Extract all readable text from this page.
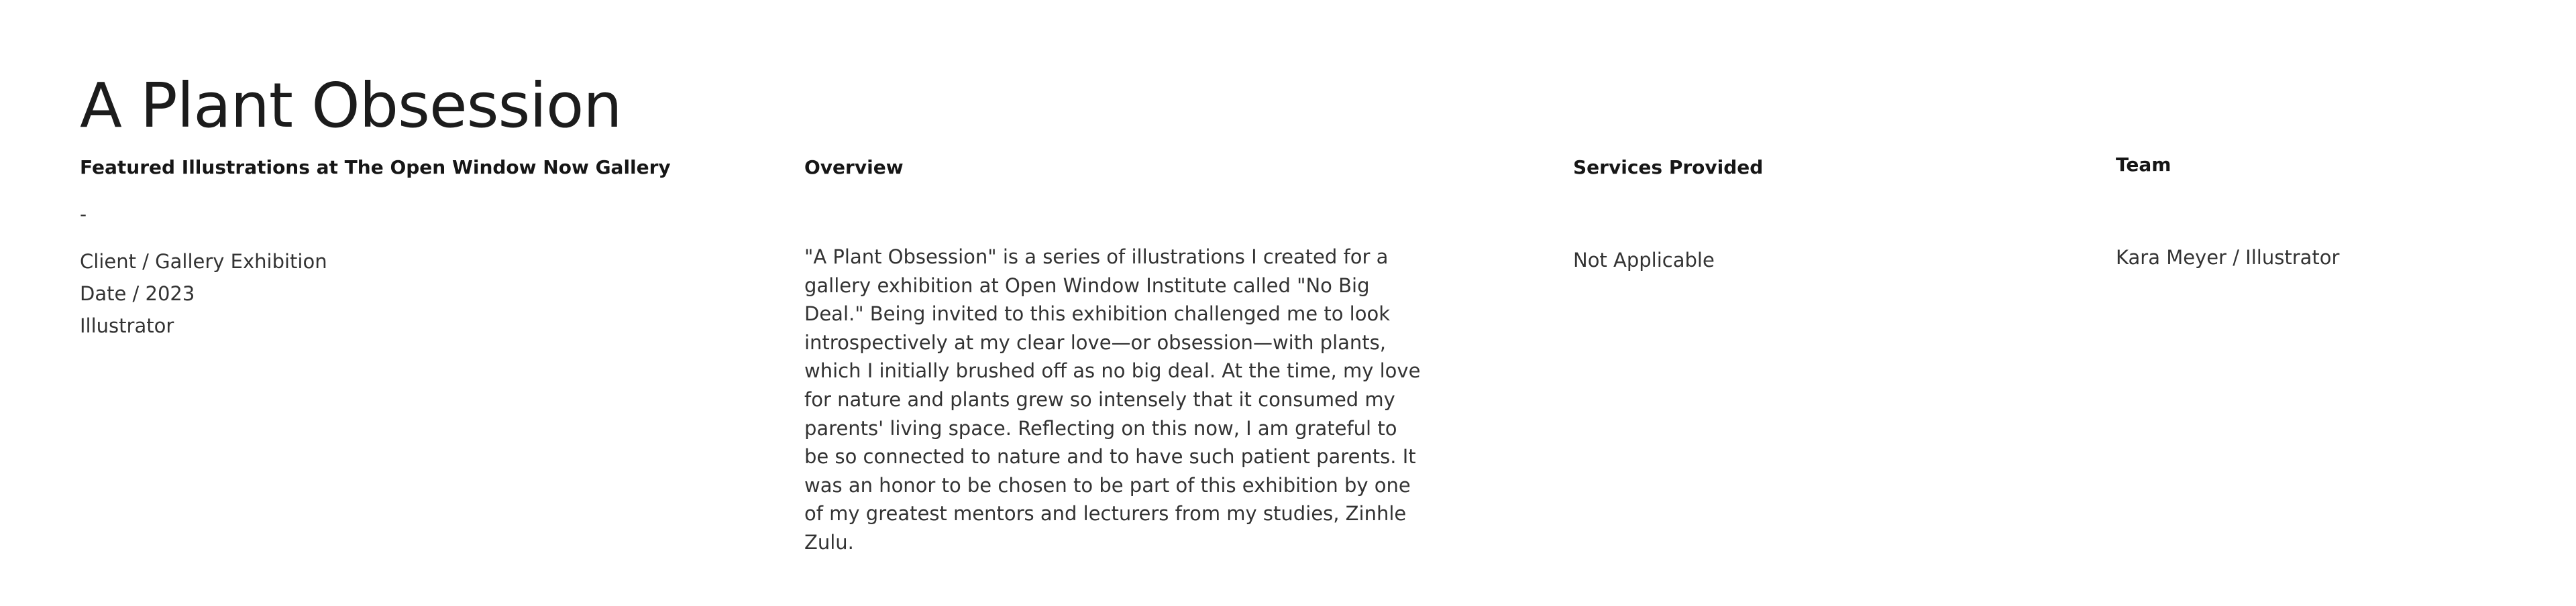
A Plant Obsession
Featured Illustrations at The Open Window Now Gallery
-
Client / Gallery Exhibition
Date / 2023
Illustrator
Overview

"A Plant Obsession" is a series of illustrations I created for a gallery exhibition at Open Window Institute called "No Big Deal." Being invited to this exhibition challenged me to look introspectively at my clear love—or obsession—with plants, which I initially brushed off as no big deal. At the time, my love for nature and plants grew so intensely that it consumed my parents' living space. Reflecting on this now, I am grateful to be so connected to nature and to have such patient parents. It was an honor to be chosen to be part of this exhibition by one of my greatest mentors and lecturers from my studies, Zinhle Zulu.

Services Provided

Not Applicable

Team

Kara Meyer / Illustrator
